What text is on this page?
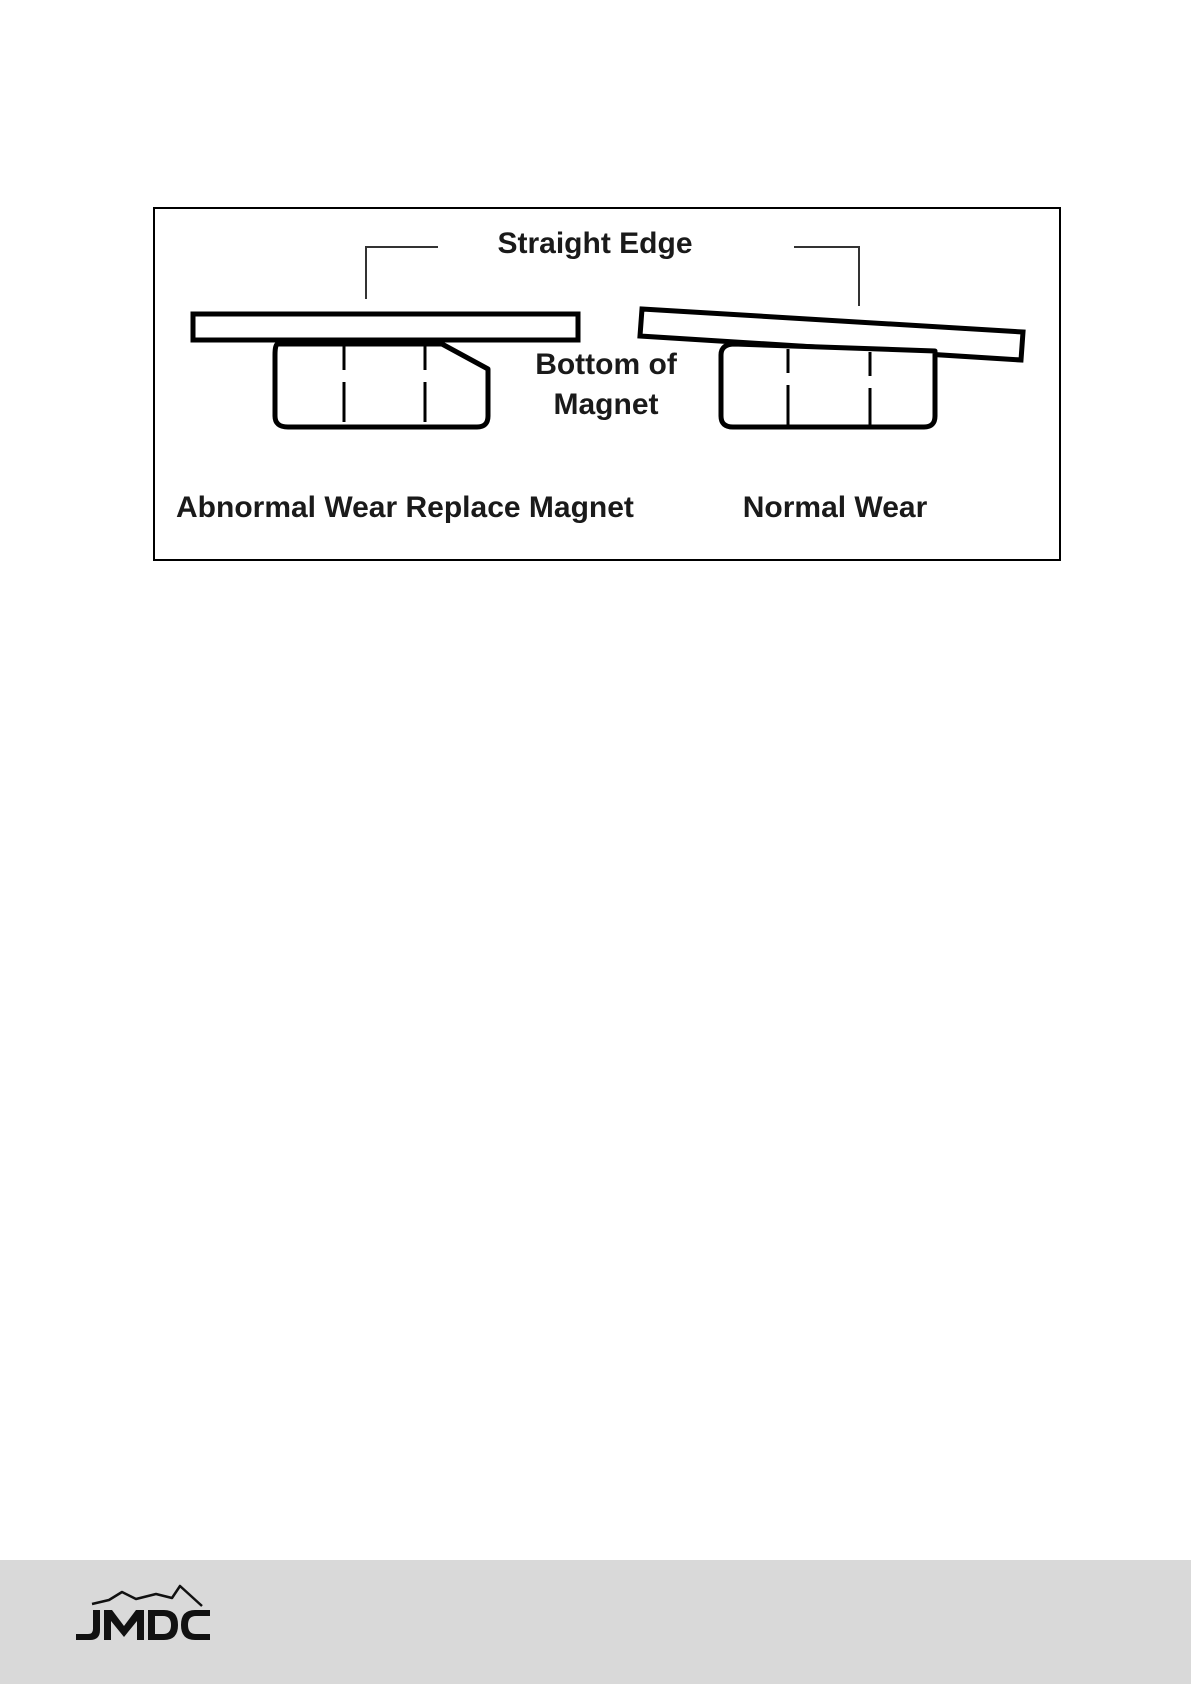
Straight Edge
Bottom of
Magnet
Abnormal Wear Replace Magnet	Normal Wear
